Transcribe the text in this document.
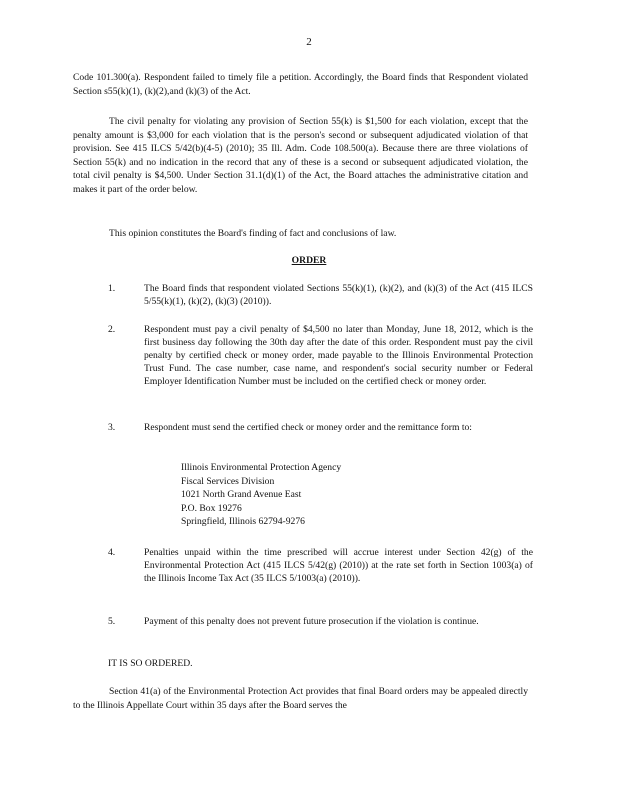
2

Code 101.300(a). Respondent failed to timely file a petition. Accordingly, the Board finds that Respondent violated Section s55(k)(1), (k)(2),and (k)(3) of the Act.

The civil penalty for violating any provision of Section 55(k) is $1,500 for each violation, except that the penalty amount is $3,000 for each violation that is the person's second or subsequent adjudicated violation of that provision. See 415 ILCS 5/42(b)(4-5) (2010); 35 Ill. Adm. Code 108.500(a). Because there are three violations of Section 55(k) and no indication in the record that any of these is a second or subsequent adjudicated violation, the total civil penalty is $4,500. Under Section 31.1(d)(1) of the Act, the Board attaches the administrative citation and makes it part of the order below.

This opinion constitutes the Board's finding of fact and conclusions of law.

ORDER
1.	The Board finds that respondent violated Sections 55(k)(1), (k)(2), and (k)(3) of the Act (415 ILCS 5/55(k)(1), (k)(2), (k)(3) (2010)).
2.	Respondent must pay a civil penalty of $4,500 no later than Monday, June 18, 2012, which is the first business day following the 30th day after the date of this order. Respondent must pay the civil penalty by certified check or money order, made payable to the Illinois Environmental Protection Trust Fund. The case number, case name, and respondent's social security number or Federal Employer Identification Number must be included on the certified check or money order.
3.	Respondent must send the certified check or money order and the remittance form to:
Illinois Environmental Protection Agency
Fiscal Services Division
1021 North Grand Avenue East
P.O. Box 19276
Springfield, Illinois 62794-9276
4.	Penalties unpaid within the time prescribed will accrue interest under Section 42(g) of the Environmental Protection Act (415 ILCS 5/42(g) (2010)) at the rate set forth in Section 1003(a) of the Illinois Income Tax Act (35 ILCS 5/1003(a) (2010)).
5.	Payment of this penalty does not prevent future prosecution if the violation is continue.
IT IS SO ORDERED.

Section 41(a) of the Environmental Protection Act provides that final Board orders may be appealed directly to the Illinois Appellate Court within 35 days after the Board serves the
